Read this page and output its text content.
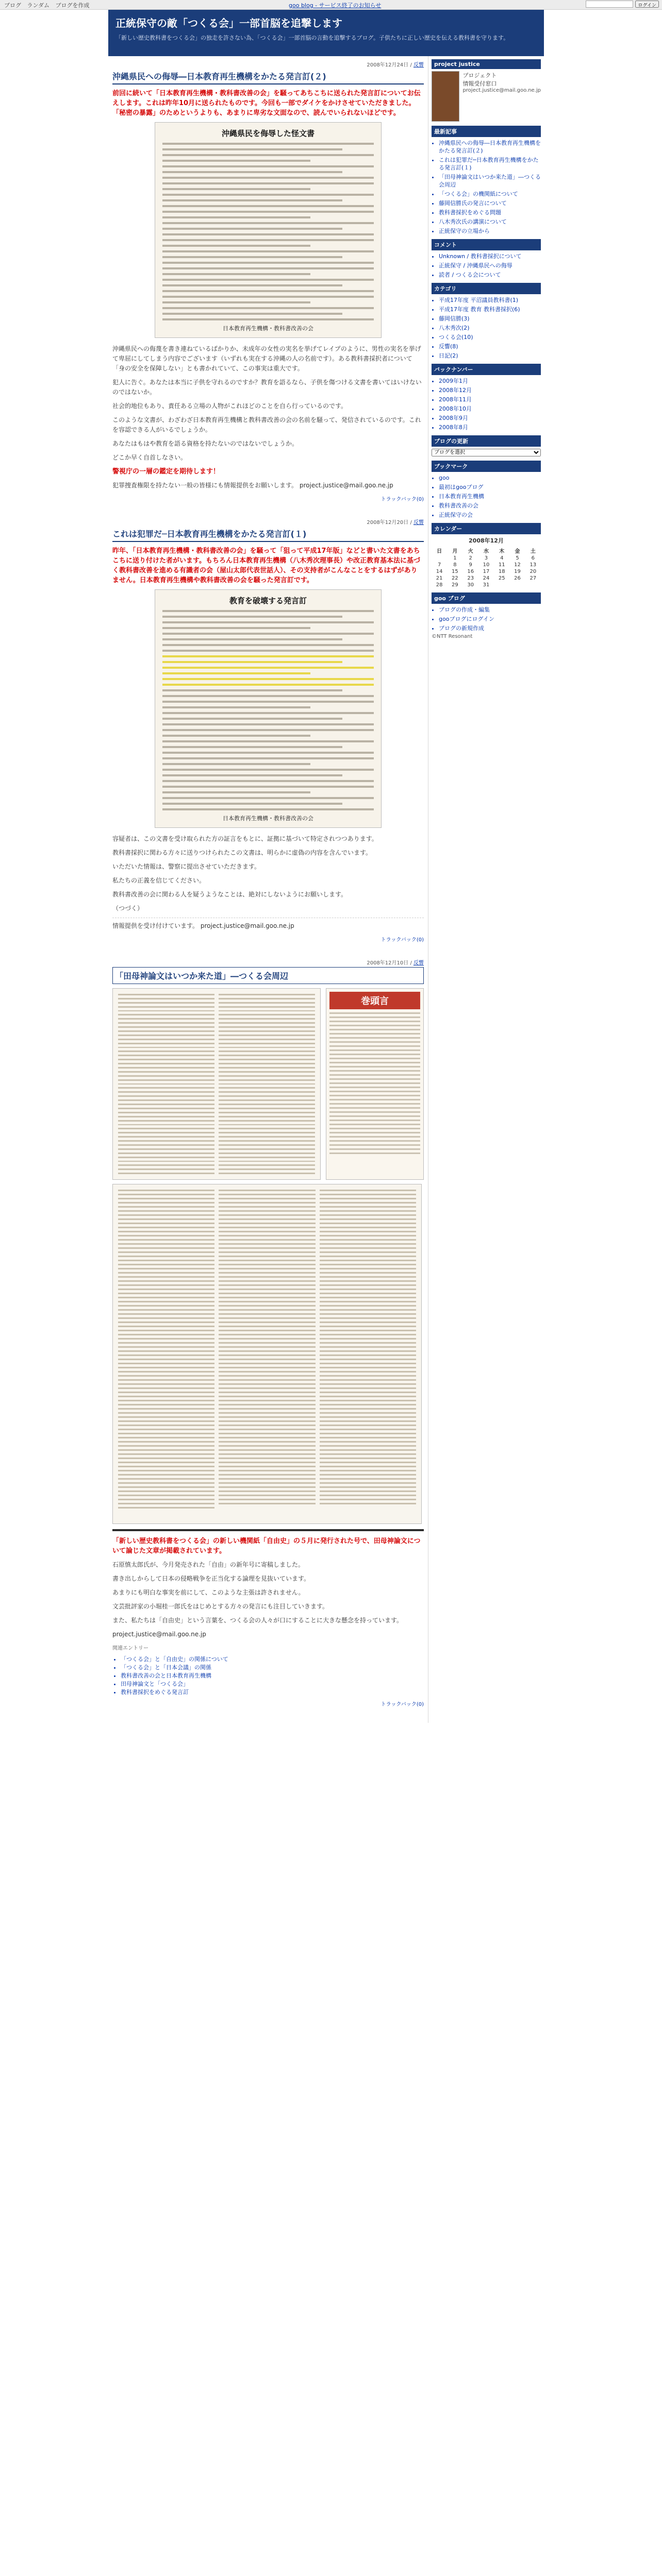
ブログ ランダム ブログを作成	goo blog - サービス終了のお知らせ	ログイン
正統保守の敵「つくる会」一部首脳を追撃します

「新しい歴史教科書をつくる会」の独走を許さない為、「つくる会」一部首脳の言動を追撃するブログ。子供たちに正しい歴史を伝える教科書を守ります。

2008年12月24日 / 反響
沖縄県民への侮辱―日本教育再生機構をかたる発言訂(２)
前回に続いて「日本教育再生機構・教科書改善の会」を騒ってあちこちに送られた発言訂についてお伝えします。これは昨年10月に送られたものです。今回も一部でダイケをかけさせていただきました。「秘密の暴露」のためというよりも、あまりに卑劣な文面なので、読んでいられないほどです。
沖縄県民を侮辱した怪文書
日本教育再生機構・教科書改善の会

沖縄県民への侮蔑を書き連ねているばかりか、未成年の女性の実名を挙げてレイプのように、男性の実名を挙げて卑屈にしてしまう内容でございます（いずれも実在する沖縄の人の名前です）。ある教科書採択者について「身の安全を保障しない」とも書かれていて、この事実は重大です。

犯人に告ぐ。あなたは本当に子供を守れるのですか？教育を語るなら、子供を傷つける文書を書いてはいけないのではないか。

社会的地位もあり、責任ある立場の人物がこれほどのことを自ら行っているのです。

このような文書が、わざわざ日本教育再生機構と教科書改善の会の名前を騒って、発信されているのです。これを容認できる人がいるでしょうか。

あなたはもはや教育を語る資格を持たないのではないでしょうか。

どこか早く自首しなさい。

警視庁の一層の鑑定を期待します！

犯罪捜査権限を持たない一般の皆様にも情報提供をお願いします。 project.justice@mail.goo.ne.jp

トラックバック(0)
2008年12月20日 / 反響
これは犯罪だ─日本教育再生機構をかたる発言訂(１)
昨年、「日本教育再生機構・教科書改善の会」を騒って「狙って平成17年版」などと書いた文書をあちこちに送り付けた者がいます。もちろん日本教育再生機構（八木秀次理事長）や改正教育基本法に基づく教科書改善を進める有識者の会（屋山太郎代表世話人）、その支持者がこんなことをするはずがありません。日本教育再生機構や教科書改善の会を騒った発言訂です。
教育を破壊する発言訂
日本教育再生機構・教科書改善の会

容疑者は、この文書を受け取られた方の証言をもとに、証拠に基づいて特定されつつあります。

教科書採択に関わる方々に送りつけられたこの文書は、明らかに虚偽の内容を含んでいます。

いただいた情報は、警察に提出させていただきます。

私たちの正義を信じてください。

教科書改善の会に関わる人を疑うようなことは、絶対にしないようにお願いします。

（つづく）

情報提供を受け付けています。 project.justice@mail.goo.ne.jp

トラックバック(0)
2008年12月10日 / 反響
「田母神論文はいつか来た道」―つくる会周辺
巻頭言
「新しい歴史教科書をつくる会」の新しい機関紙「自由史」の５月に発行された号で、田母神論文について論じた文章が掲載されています。

石原慎太郎氏が、今月発売された「自由」の新年号に寄稿しました。

書き出しからして日本の侵略戦争を正当化する論理を見抜いています。

あまりにも明白な事実を前にして、このような主張は許されません。

文芸批評家の小堀桂一郎氏をはじめとする方々の発言にも注目していきます。

また、私たちは「自由史」という言葉を、つくる会の人々が口にすることに大きな懸念を持っています。

project.justice@mail.goo.ne.jp

関連エントリー
• 「つくる会」と「自由史」の関係について
• 「つくる会」と「日本会議」の関係
• 教科書改善の会と日本教育再生機構
• 田母神論文と「つくる会」
• 教科書採択をめぐる発言訂
トラックバック(0)
project justice
プロジェクト
情報受付窓口
project.justice@mail.goo.ne.jp
最新記事
• 沖縄県民への侮辱―日本教育再生機構をかたる発言訂(２)
• これは犯罪だ─日本教育再生機構をかたる発言訂(１)
• 「田母神論文はいつか来た道」―つくる会周辺
• 「つくる会」の機関紙について
• 藤岡信勝氏の発言について
• 教科書採択をめぐる問題
• 八木秀次氏の講演について
• 正統保守の立場から
コメント
• Unknown / 教科書採択について
• 正統保守 / 沖縄県民への侮辱
• 読者 / つくる会について
カテゴリ
• 平成17年度 平沼議員教科書(1)
• 平成17年度 教育 教科書採択(6)
• 藤岡信勝(3)
• 八木秀次(2)
• つくる会(10)
• 反響(8)
• 日記(2)
バックナンバー
• 2009年1月
• 2008年12月
• 2008年11月
• 2008年10月
• 2008年9月
• 2008年8月
ブログの更新
ブログを選択
ブックマーク
• goo
• 最初はgooブログ
• 日本教育再生機構
• 教科書改善の会
• 正統保守の会
カレンダー
2008年12月
日	月	火	水	木	金	土
	1	2	3	4	5	6
7	8	9	10	11	12	13
14	15	16	17	18	19	20
21	22	23	24	25	26	27
28	29	30	31			
goo ブログ
• ブログの作成・編集
• gooブログにログイン
• ブログの新規作成
©NTT Resonant
